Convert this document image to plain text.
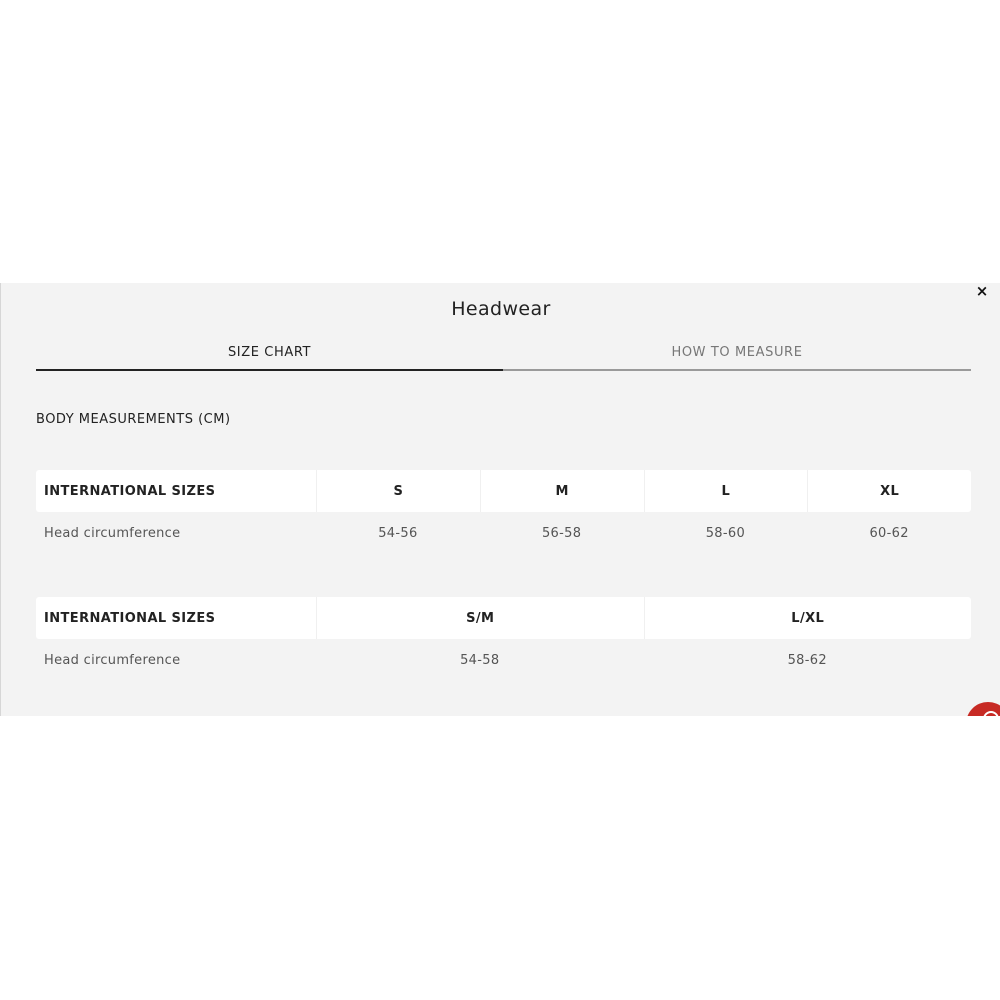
Headwear
×
SIZE CHART	HOW TO MEASURE
BODY MEASUREMENTS (CM)
INTERNATIONAL SIZES	S	M	L	XL
Head circumference	54-56	56-58	58-60	60-62
INTERNATIONAL SIZES	S/M	L/XL
Head circumference	54-58	58-62
